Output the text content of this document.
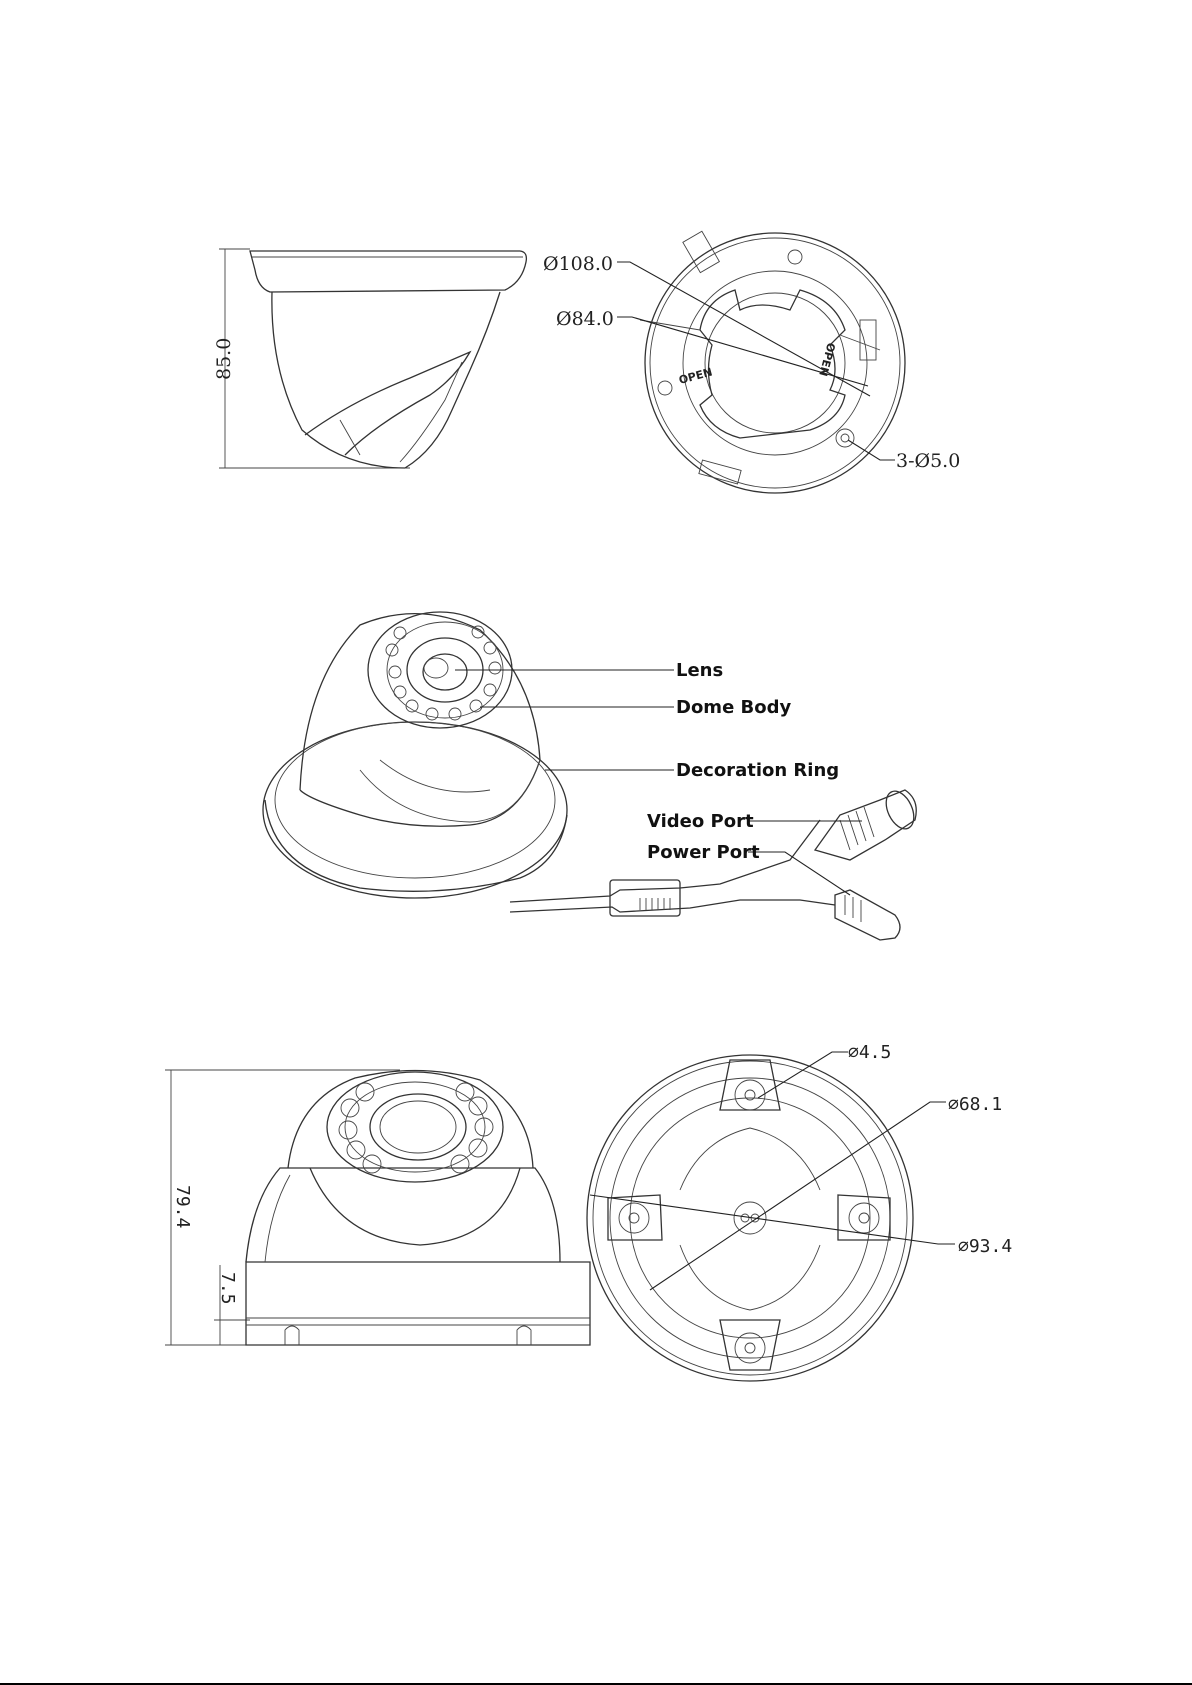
85.0	OPEN	OPEN
Ø108.0
Ø84.0
3-Ø5.0
Lens
Dome Body
Decoration Ring
Video Port
Power Port
79.4
7.5
∅4.5
∅68.1
∅93.4
